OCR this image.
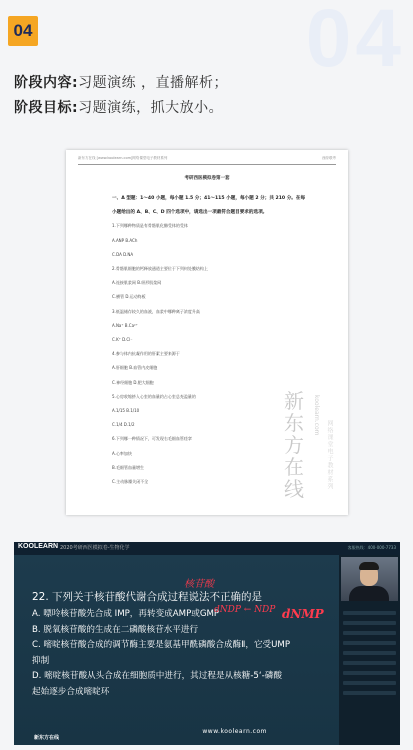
04
04
阶段内容:习题演练 ，直播解析；
阶段目标:习题演练，抓大放小。
新东方在线 [www.koolearn.com]网络课堂电子教材系列	西综联考
考研西医模拟卷第一套
一、A 型题：1～40 小题，每小题 1.5 分；41～115 小题，每小题 2 分；共 210 分。在每
小题给出的 A、B、C、D 四个选项中，请选出一项最符合题目要求的选项。
1.下列哪种物质是有骨骼肌化酶受体的受体
A.ANP B.ACh
C.DA D.NA
2.骨骼肌细胞的钙释放通道主要位于下列何处膜结构上
A.连接肌浆网 B.纵形肌浆网
C.横管 D.运动终板
3.低温储存较久的血液，血浆中哪种离子浓度升高
A.Na⁺ B.Ca²⁺
C.K⁺ D.Cl⁻
4.参与体内抗凝作用的肝素主要来源于
A.肝细胞 B.血管内皮细胞
C.神经细胞 D.肥大细胞
5.心房收缩挤入心室的血量约占心室总充盈量的
A.1/15 B.1/10
C.1/4 D.1/2
6.下列哪一种情况下，可发现右毛细血管痉挛
A.心率加快
B.毛细管血量增生
C.主动脉瓣关闭不全
新东方在线
koolearn.com
网络课堂电子教材系列
KOOLEARN 2020考研西医模拟卷-生物化学	客服热线：400-000-7733
22. 下列关于核苷酸代谢合成过程说法不正确的是
A. 嘌呤核苷酸先合成 IMP，再转变成AMP或GMP
B. 脱氧核苷酸的生成在二磷酸核苷水平进行
C. 嘧啶核苷酸合成的调节酶主要是氨基甲酰磷酸合成酶Ⅱ，它受UMP
抑制
D. 嘧啶核苷酸从头合成在细胞质中进行，其过程是从核糖-5‘-磷酸
起始逐步合成嘧啶环
核苷酸
dNDP ← NDP dNMP
www.koolearn.com
新东方在线
